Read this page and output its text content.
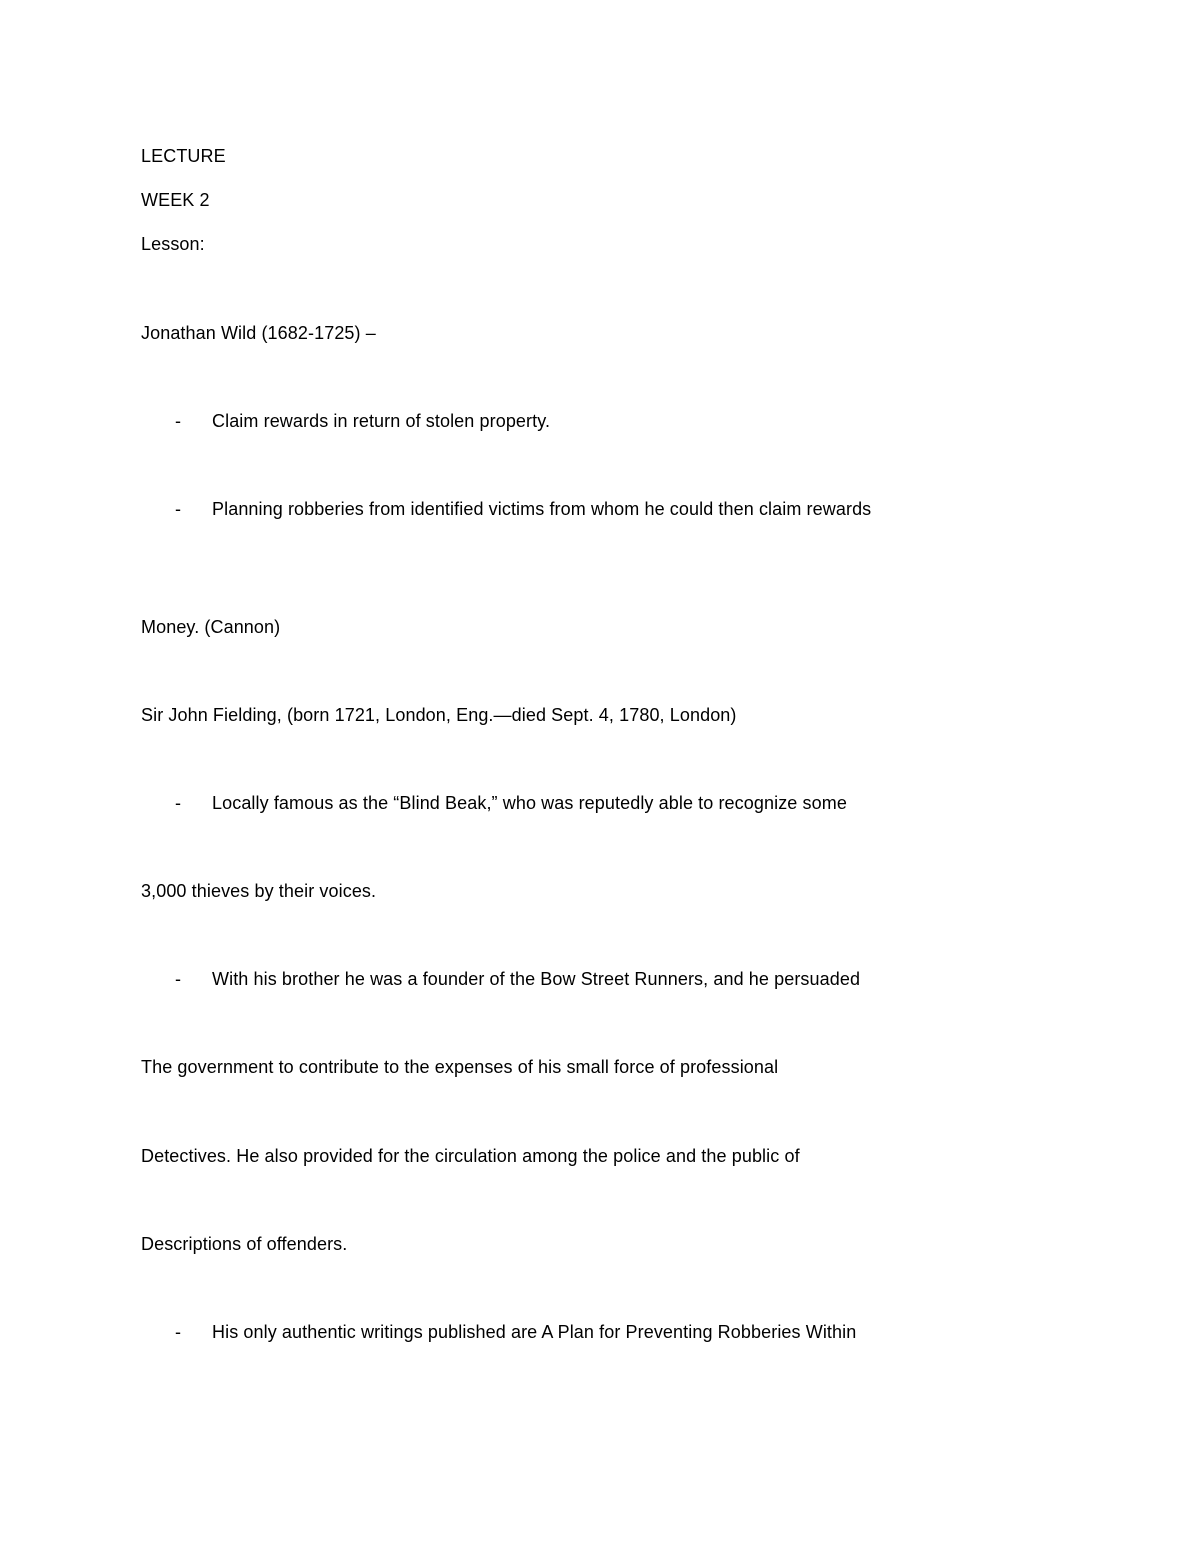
LECTURE
WEEK 2
Lesson:
Jonathan Wild (1682-1725) –
- Claim rewards in return of stolen property.
- Planning robberies from identified victims from whom he could then claim rewards
Money. (Cannon)
Sir John Fielding, (born 1721, London, Eng.—died Sept. 4, 1780, London)
- Locally famous as the “Blind Beak,” who was reputedly able to recognize some
3,000 thieves by their voices.
- With his brother he was a founder of the Bow Street Runners, and he persuaded
The government to contribute to the expenses of his small force of professional
Detectives. He also provided for the circulation among the police and the public of
Descriptions of offenders.
- His only authentic writings published are A Plan for Preventing Robberies Within
